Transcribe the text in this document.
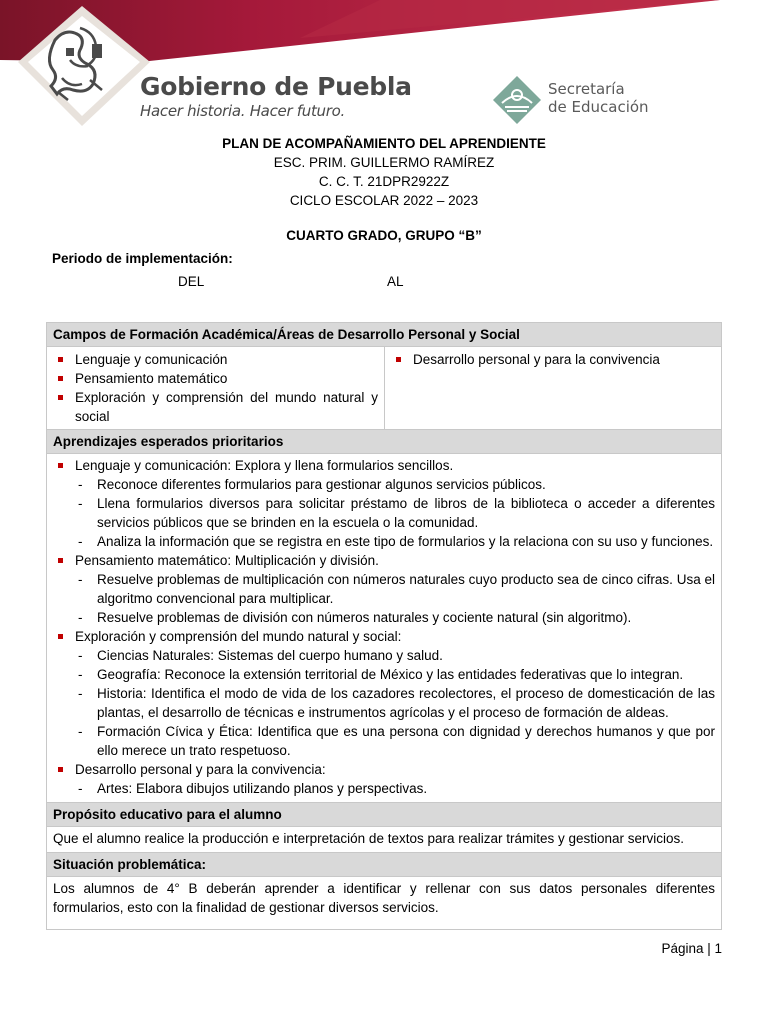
Gobierno de Puebla
Hacer historia. Hacer futuro.
Secretaría
de Educación
PLAN DE ACOMPAÑAMIENTO DEL APRENDIENTE
ESC. PRIM. GUILLERMO RAMÍREZ
C. C. T. 21DPR2922Z
CICLO ESCOLAR 2022 – 2023
CUARTO GRADO, GRUPO “B”
Periodo de implementación:
DEL	AL
Campos de Formación Académica/Áreas de Desarrollo Personal y Social
Lenguaje y comunicación
Pensamiento matemático
Exploración y comprensión del mundo natural y social
Desarrollo personal y para la convivencia
Aprendizajes esperados prioritarios
Lenguaje y comunicación: Explora y llena formularios sencillos.
- Reconoce diferentes formularios para gestionar algunos servicios públicos.
- Llena formularios diversos para solicitar préstamo de libros de la biblioteca o acceder a diferentes servicios públicos que se brinden en la escuela o la comunidad.
- Analiza la información que se registra en este tipo de formularios y la relaciona con su uso y funciones.
Pensamiento matemático: Multiplicación y división.
- Resuelve problemas de multiplicación con números naturales cuyo producto sea de cinco cifras. Usa el algoritmo convencional para multiplicar.
- Resuelve problemas de división con números naturales y cociente natural (sin algoritmo).
Exploración y comprensión del mundo natural y social:
- Ciencias Naturales: Sistemas del cuerpo humano y salud.
- Geografía: Reconoce la extensión territorial de México y las entidades federativas que lo integran.
- Historia: Identifica el modo de vida de los cazadores recolectores, el proceso de domesticación de las plantas, el desarrollo de técnicas e instrumentos agrícolas y el proceso de formación de aldeas.
- Formación Cívica y Ética: Identifica que es una persona con dignidad y derechos humanos y que por ello merece un trato respetuoso.
Desarrollo personal y para la convivencia:
- Artes: Elabora dibujos utilizando planos y perspectivas.
Propósito educativo para el alumno
Que el alumno realice la producción e interpretación de textos para realizar trámites y gestionar servicios.
Situación problemática:
Los alumnos de 4° B deberán aprender a identificar y rellenar con sus datos personales diferentes formularios, esto con la finalidad de gestionar diversos servicios.
Página | 1
